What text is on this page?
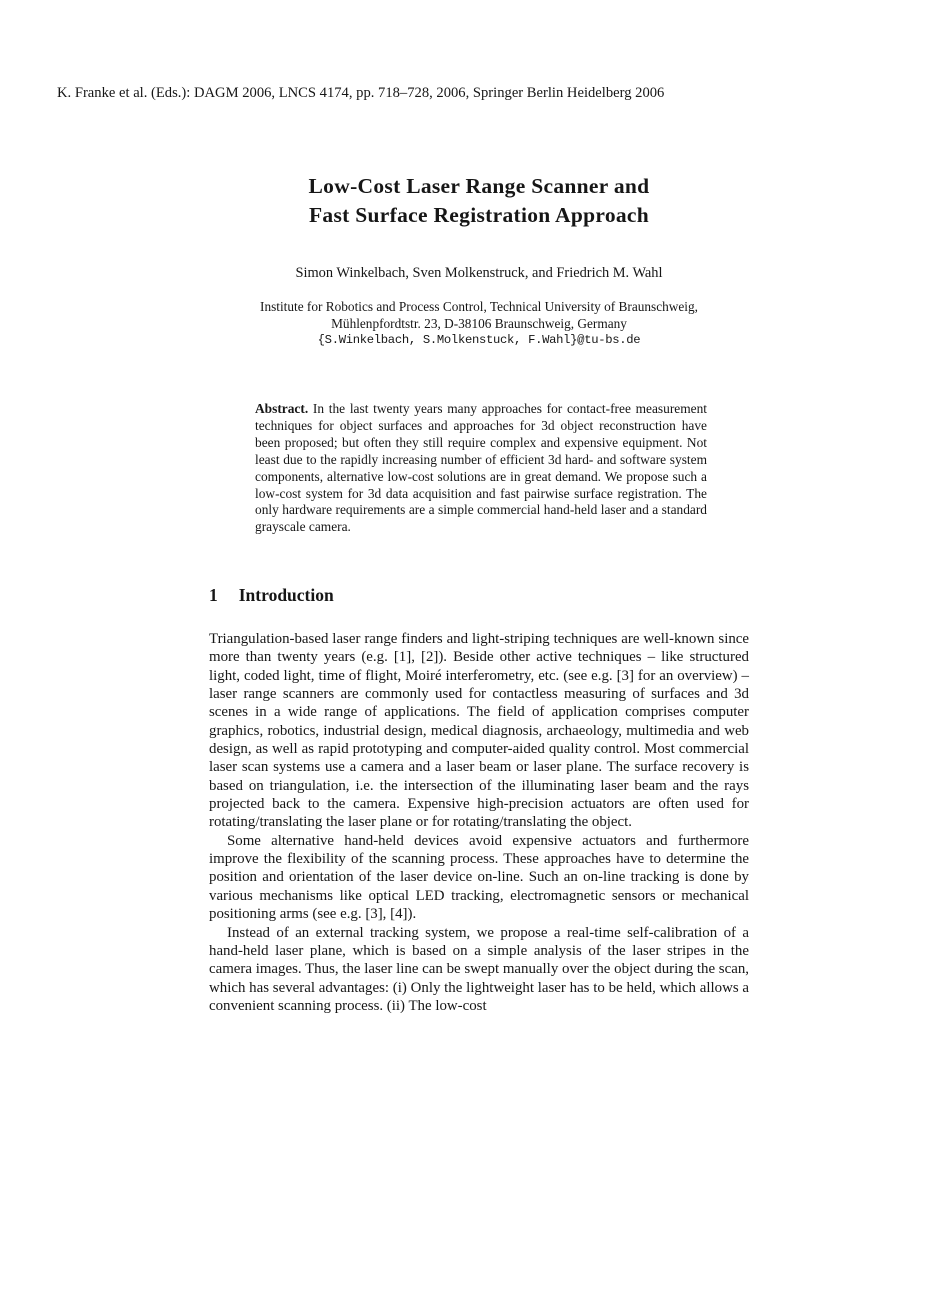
K. Franke et al. (Eds.): DAGM 2006, LNCS 4174, pp. 718–728, 2006, Springer Berlin Heidelberg 2006
Low-Cost Laser Range Scanner and
Fast Surface Registration Approach
Simon Winkelbach, Sven Molkenstruck, and Friedrich M. Wahl
Institute for Robotics and Process Control, Technical University of Braunschweig,
Mühlenpfordtstr. 23, D-38106 Braunschweig, Germany
{S.Winkelbach, S.Molkenstuck, F.Wahl}@tu-bs.de
Abstract. In the last twenty years many approaches for contact-free measurement techniques for object surfaces and approaches for 3d object reconstruction have been proposed; but often they still require complex and expensive equipment. Not least due to the rapidly increasing number of efficient 3d hard- and software system components, alternative low-cost solutions are in great demand. We propose such a low-cost system for 3d data acquisition and fast pairwise surface registration. The only hardware requirements are a simple commercial hand-held laser and a standard grayscale camera.
1 Introduction

Triangulation-based laser range finders and light-striping techniques are well-known since more than twenty years (e.g. [1], [2]). Beside other active techniques – like structured light, coded light, time of flight, Moiré interferometry, etc. (see e.g. [3] for an overview) – laser range scanners are commonly used for contactless measuring of surfaces and 3d scenes in a wide range of applications. The field of application comprises computer graphics, robotics, industrial design, medical diagnosis, archaeology, multimedia and web design, as well as rapid prototyping and computer-aided quality control. Most commercial laser scan systems use a camera and a laser beam or laser plane. The surface recovery is based on triangulation, i.e. the intersection of the illuminating laser beam and the rays projected back to the camera. Expensive high-precision actuators are often used for rotating/translating the laser plane or for rotating/translating the object.

Some alternative hand-held devices avoid expensive actuators and furthermore improve the flexibility of the scanning process. These approaches have to determine the position and orientation of the laser device on-line. Such an on-line tracking is done by various mechanisms like optical LED tracking, electromagnetic sensors or mechanical positioning arms (see e.g. [3], [4]).

Instead of an external tracking system, we propose a real-time self-calibration of a hand-held laser plane, which is based on a simple analysis of the laser stripes in the camera images. Thus, the laser line can be swept manually over the object during the scan, which has several advantages: (i) Only the lightweight laser has to be held, which allows a convenient scanning process. (ii) The low-cost
